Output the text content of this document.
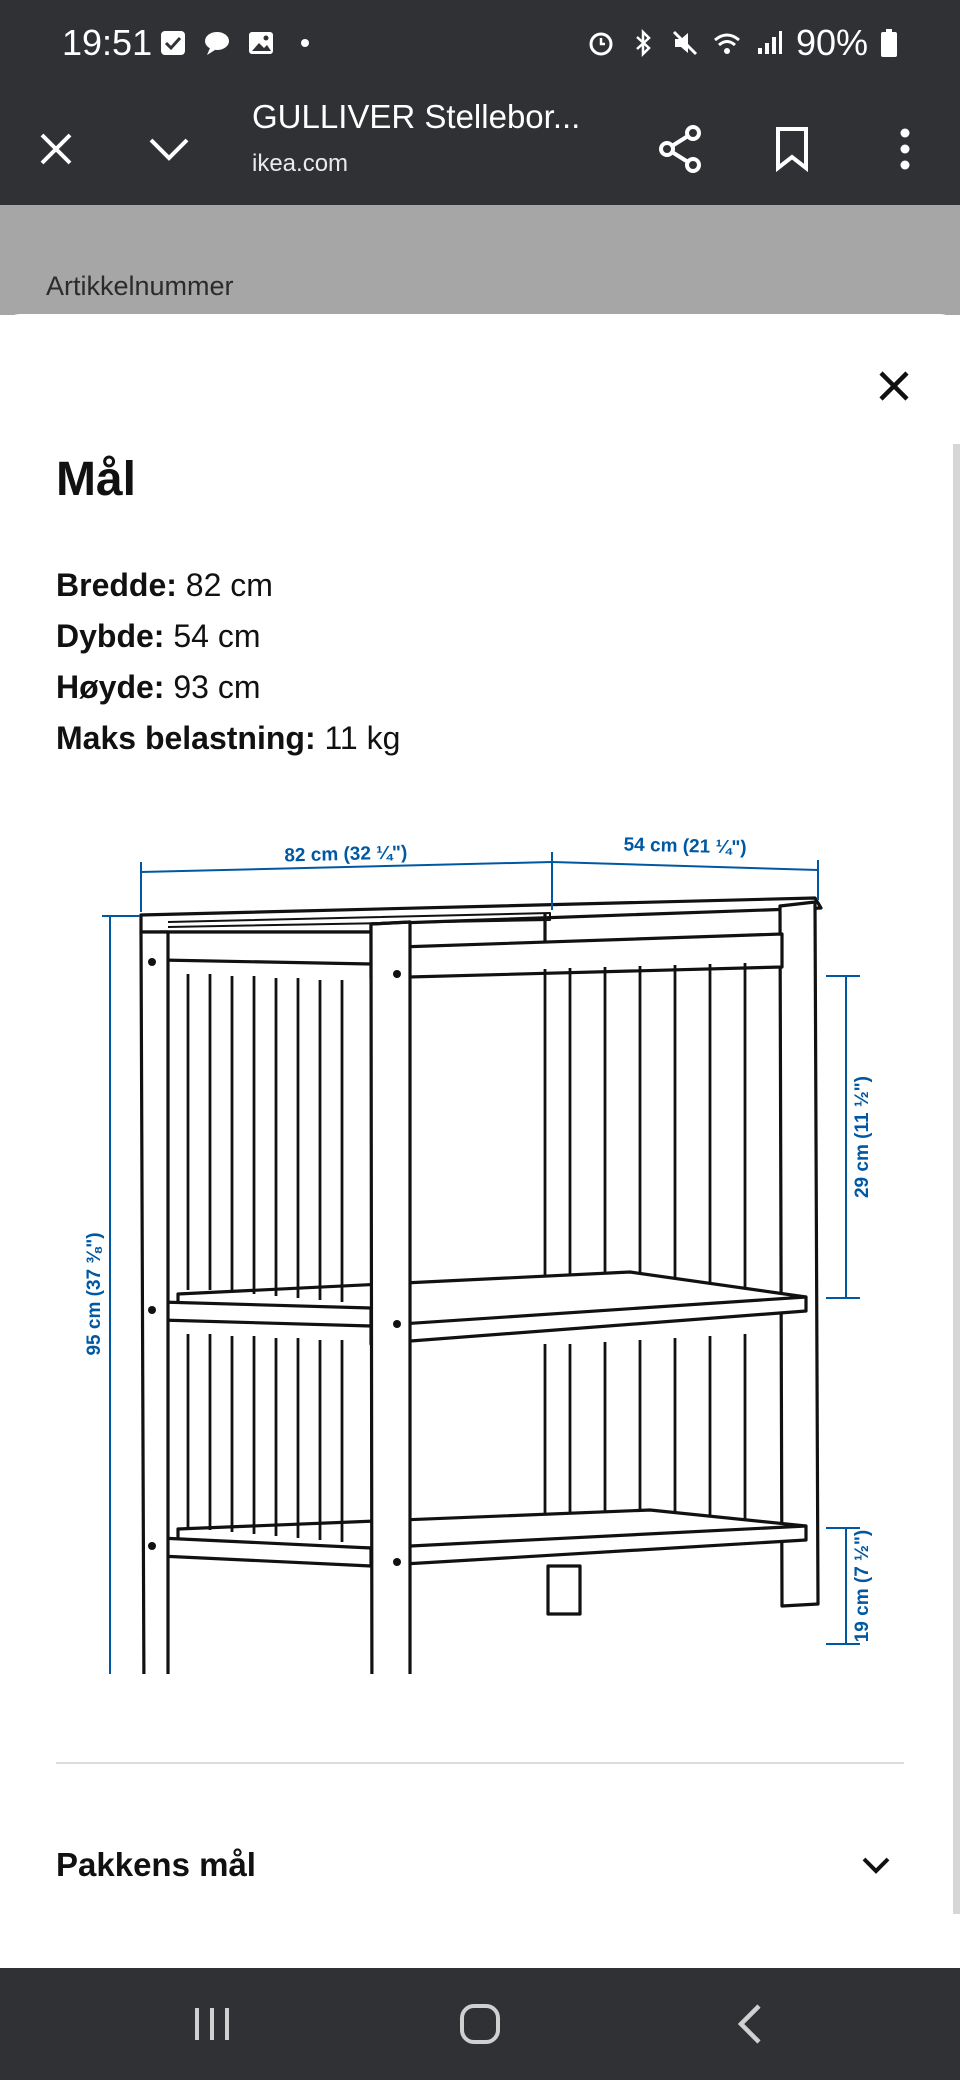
19:51	90%
GULLIVER Stellebor...
ikea.com
Artikkelnummer
Mål
Bredde: 82 cm
Dybde: 54 cm
Høyde: 93 cm
Maks belastning: 11 kg
82 cm (32 ¼")	54 cm (21 ¼")
95 cm (37 ⅜")
29 cm (11 ½")
19 cm (7 ½")
Pakkens mål
